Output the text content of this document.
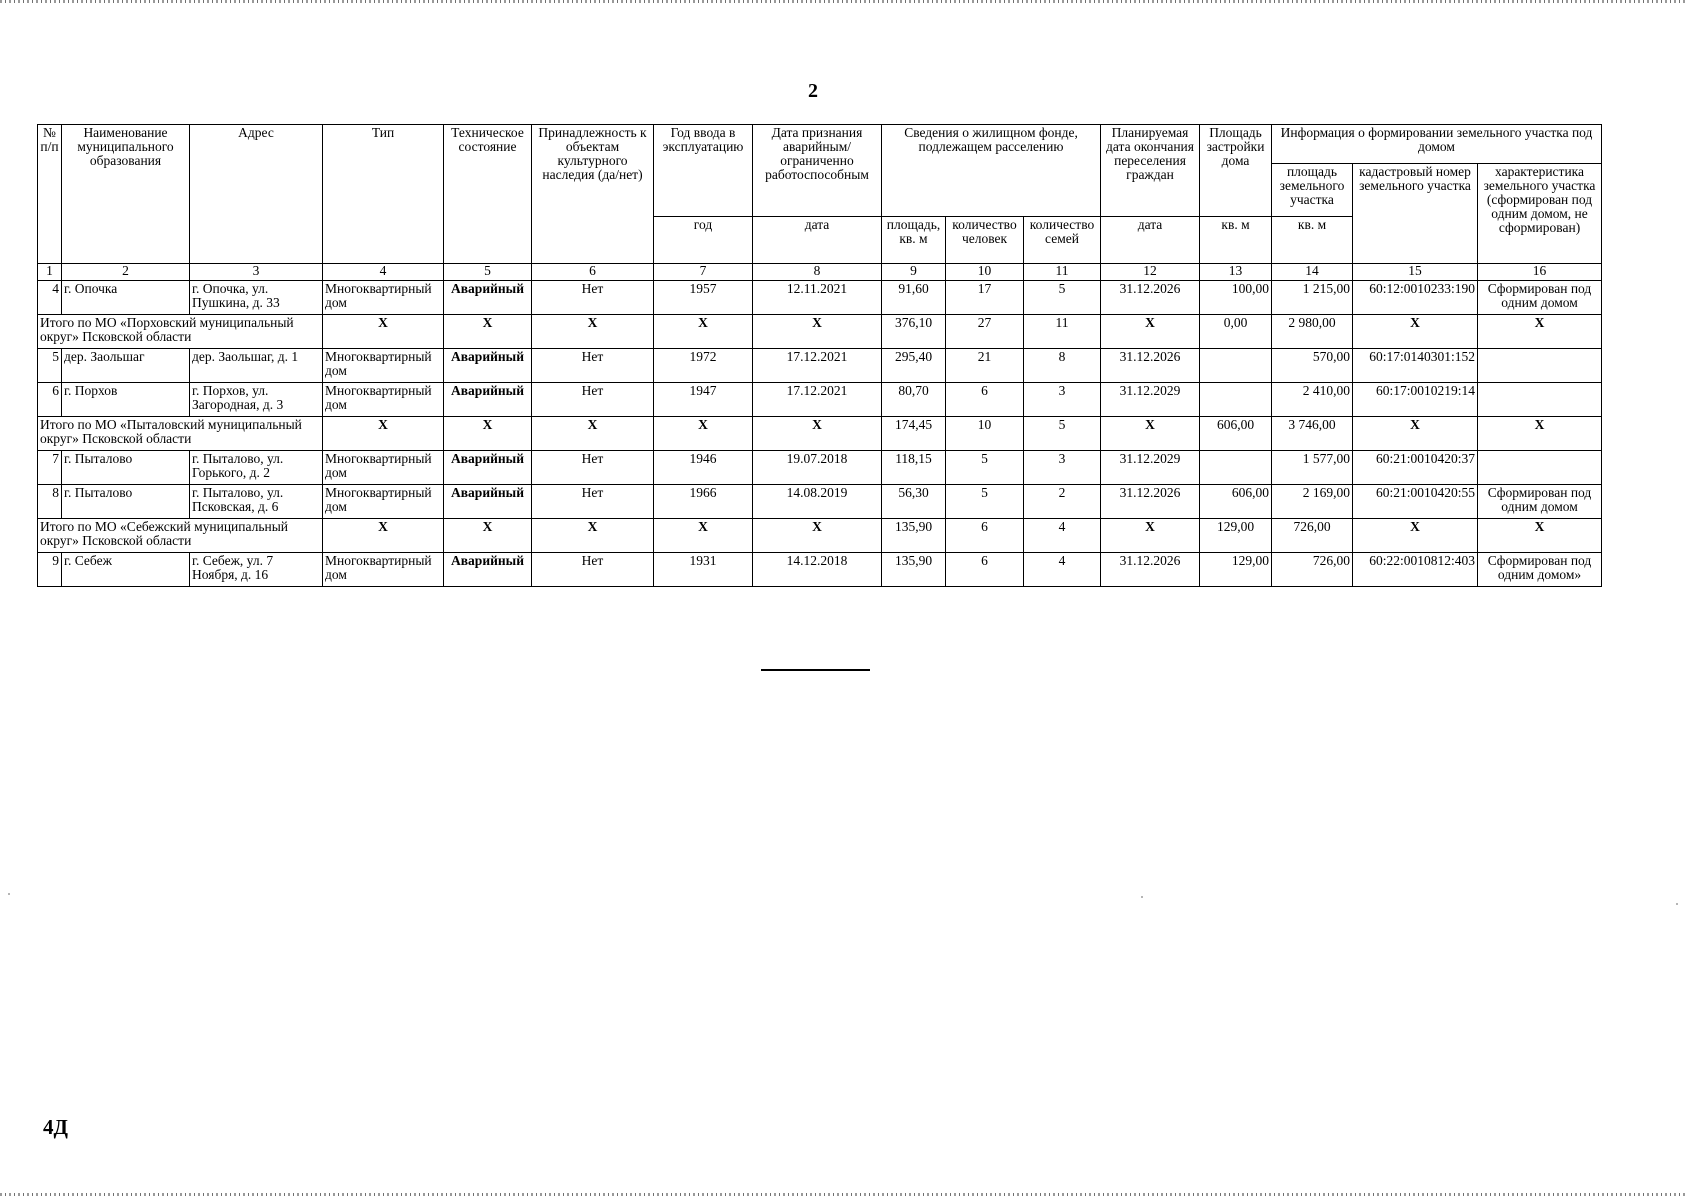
2
№ п/п	Наименование муниципального образования	Адрес	Тип	Техническое состояние	Принадлежность к объектам культурного наследия (да/нет)	Год ввода в эксплуатацию	Дата признания аварийным/ ограниченно работоспособным	Сведения о жилищном фонде, подлежащем расселению			Планируемая дата окончания переселения граждан	Площадь застройки дома	Информация о формировании земельного участка под домом		
													площадь земельного участка	кадастровый номер земельного участка	характеристика земельного участка (сформирован под одним домом, не сформирован)
						год	дата	площадь, кв. м	количество человек	количество семей	дата	кв. м	кв. м		
1	2	3	4	5	6	7	8	9	10	11	12	13	14	15	16
4	г. Опочка	г. Опочка, ул. Пушкина, д. 33	Многоквартирный дом	Аварийный	Нет	1957	12.11.2021	91,60	17	5	31.12.2026	100,00	1 215,00	60:12:0010233:190	Сформирован под одним домом
Итого по МО «Порховский муниципальный округ» Псковской области			X	X	X	X	X	376,10	27	11	X	0,00	2 980,00	X	X
5	дер. Заольшаг	дер. Заольшаг, д. 1	Многоквартирный дом	Аварийный	Нет	1972	17.12.2021	295,40	21	8	31.12.2026		570,00	60:17:0140301:152	
6	г. Порхов	г. Порхов, ул. Загородная, д. 3	Многоквартирный дом	Аварийный	Нет	1947	17.12.2021	80,70	6	3	31.12.2029		2 410,00	60:17:0010219:14	
Итого по МО «Пыталовский муниципальный округ» Псковской области			X	X	X	X	X	174,45	10	5	X	606,00	3 746,00	X	X
7	г. Пыталово	г. Пыталово, ул. Горького, д. 2	Многоквартирный дом	Аварийный	Нет	1946	19.07.2018	118,15	5	3	31.12.2029		1 577,00	60:21:0010420:37	
8	г. Пыталово	г. Пыталово, ул. Псковская, д. 6	Многоквартирный дом	Аварийный	Нет	1966	14.08.2019	56,30	5	2	31.12.2026	606,00	2 169,00	60:21:0010420:55	Сформирован под одним домом
Итого по МО «Себежский муниципальный округ» Псковской области			X	X	X	X	X	135,90	6	4	X	129,00	726,00	X	X
9	г. Себеж	г. Себеж, ул. 7 Ноября, д. 16	Многоквартирный дом	Аварийный	Нет	1931	14.12.2018	135,90	6	4	31.12.2026	129,00	726,00	60:22:0010812:403	Сформирован под одним домом»
4Д
